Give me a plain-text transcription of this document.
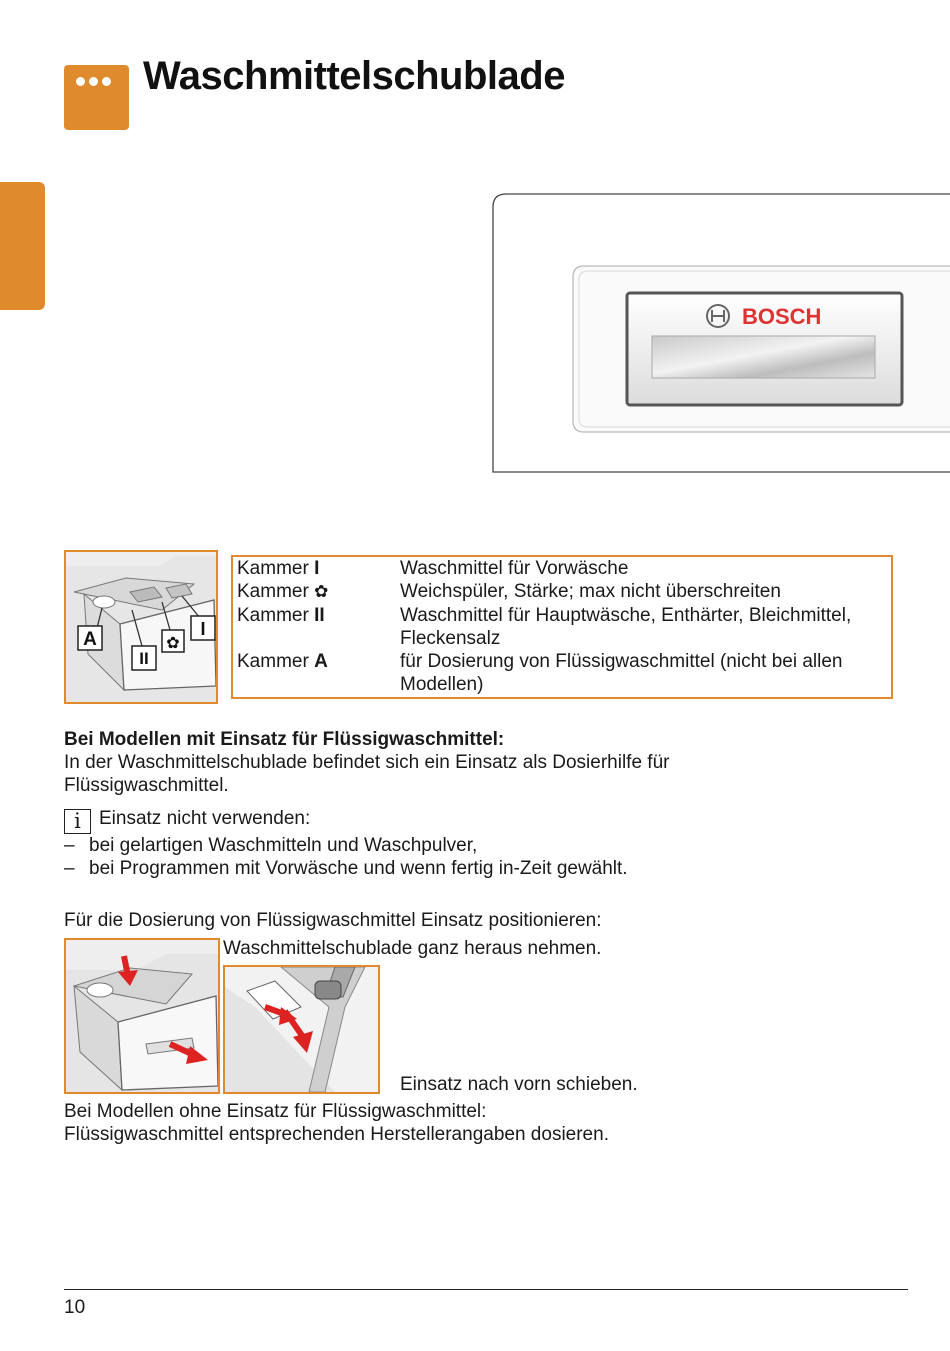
Waschmittelschublade
BOSCH
A
II
✿
I
Kammer I	Waschmittel für Vorwäsche
Kammer ✿	Weichspüler, Stärke; max nicht überschreiten
Kammer II	Waschmittel für Hauptwäsche, Enthärter, Bleichmittel, Fleckensalz
Kammer A	für Dosierung von Flüssigwaschmittel (nicht bei allen Modellen)
Bei Modellen mit Einsatz für Flüssigwaschmittel:
In der Waschmittelschublade befindet sich ein Einsatz als Dosierhilfe für Flüssigwaschmittel.
i Einsatz nicht verwenden:
– bei gelartigen Waschmitteln und Waschpulver,
– bei Programmen mit Vorwäsche und wenn fertig in-Zeit gewählt.
Für die Dosierung von Flüssigwaschmittel Einsatz positionieren:
Waschmittelschublade ganz heraus nehmen.
Einsatz nach vorn schieben.
Bei Modellen ohne Einsatz für Flüssigwaschmittel:
Flüssigwaschmittel entsprechenden Herstellerangaben dosieren.
10
